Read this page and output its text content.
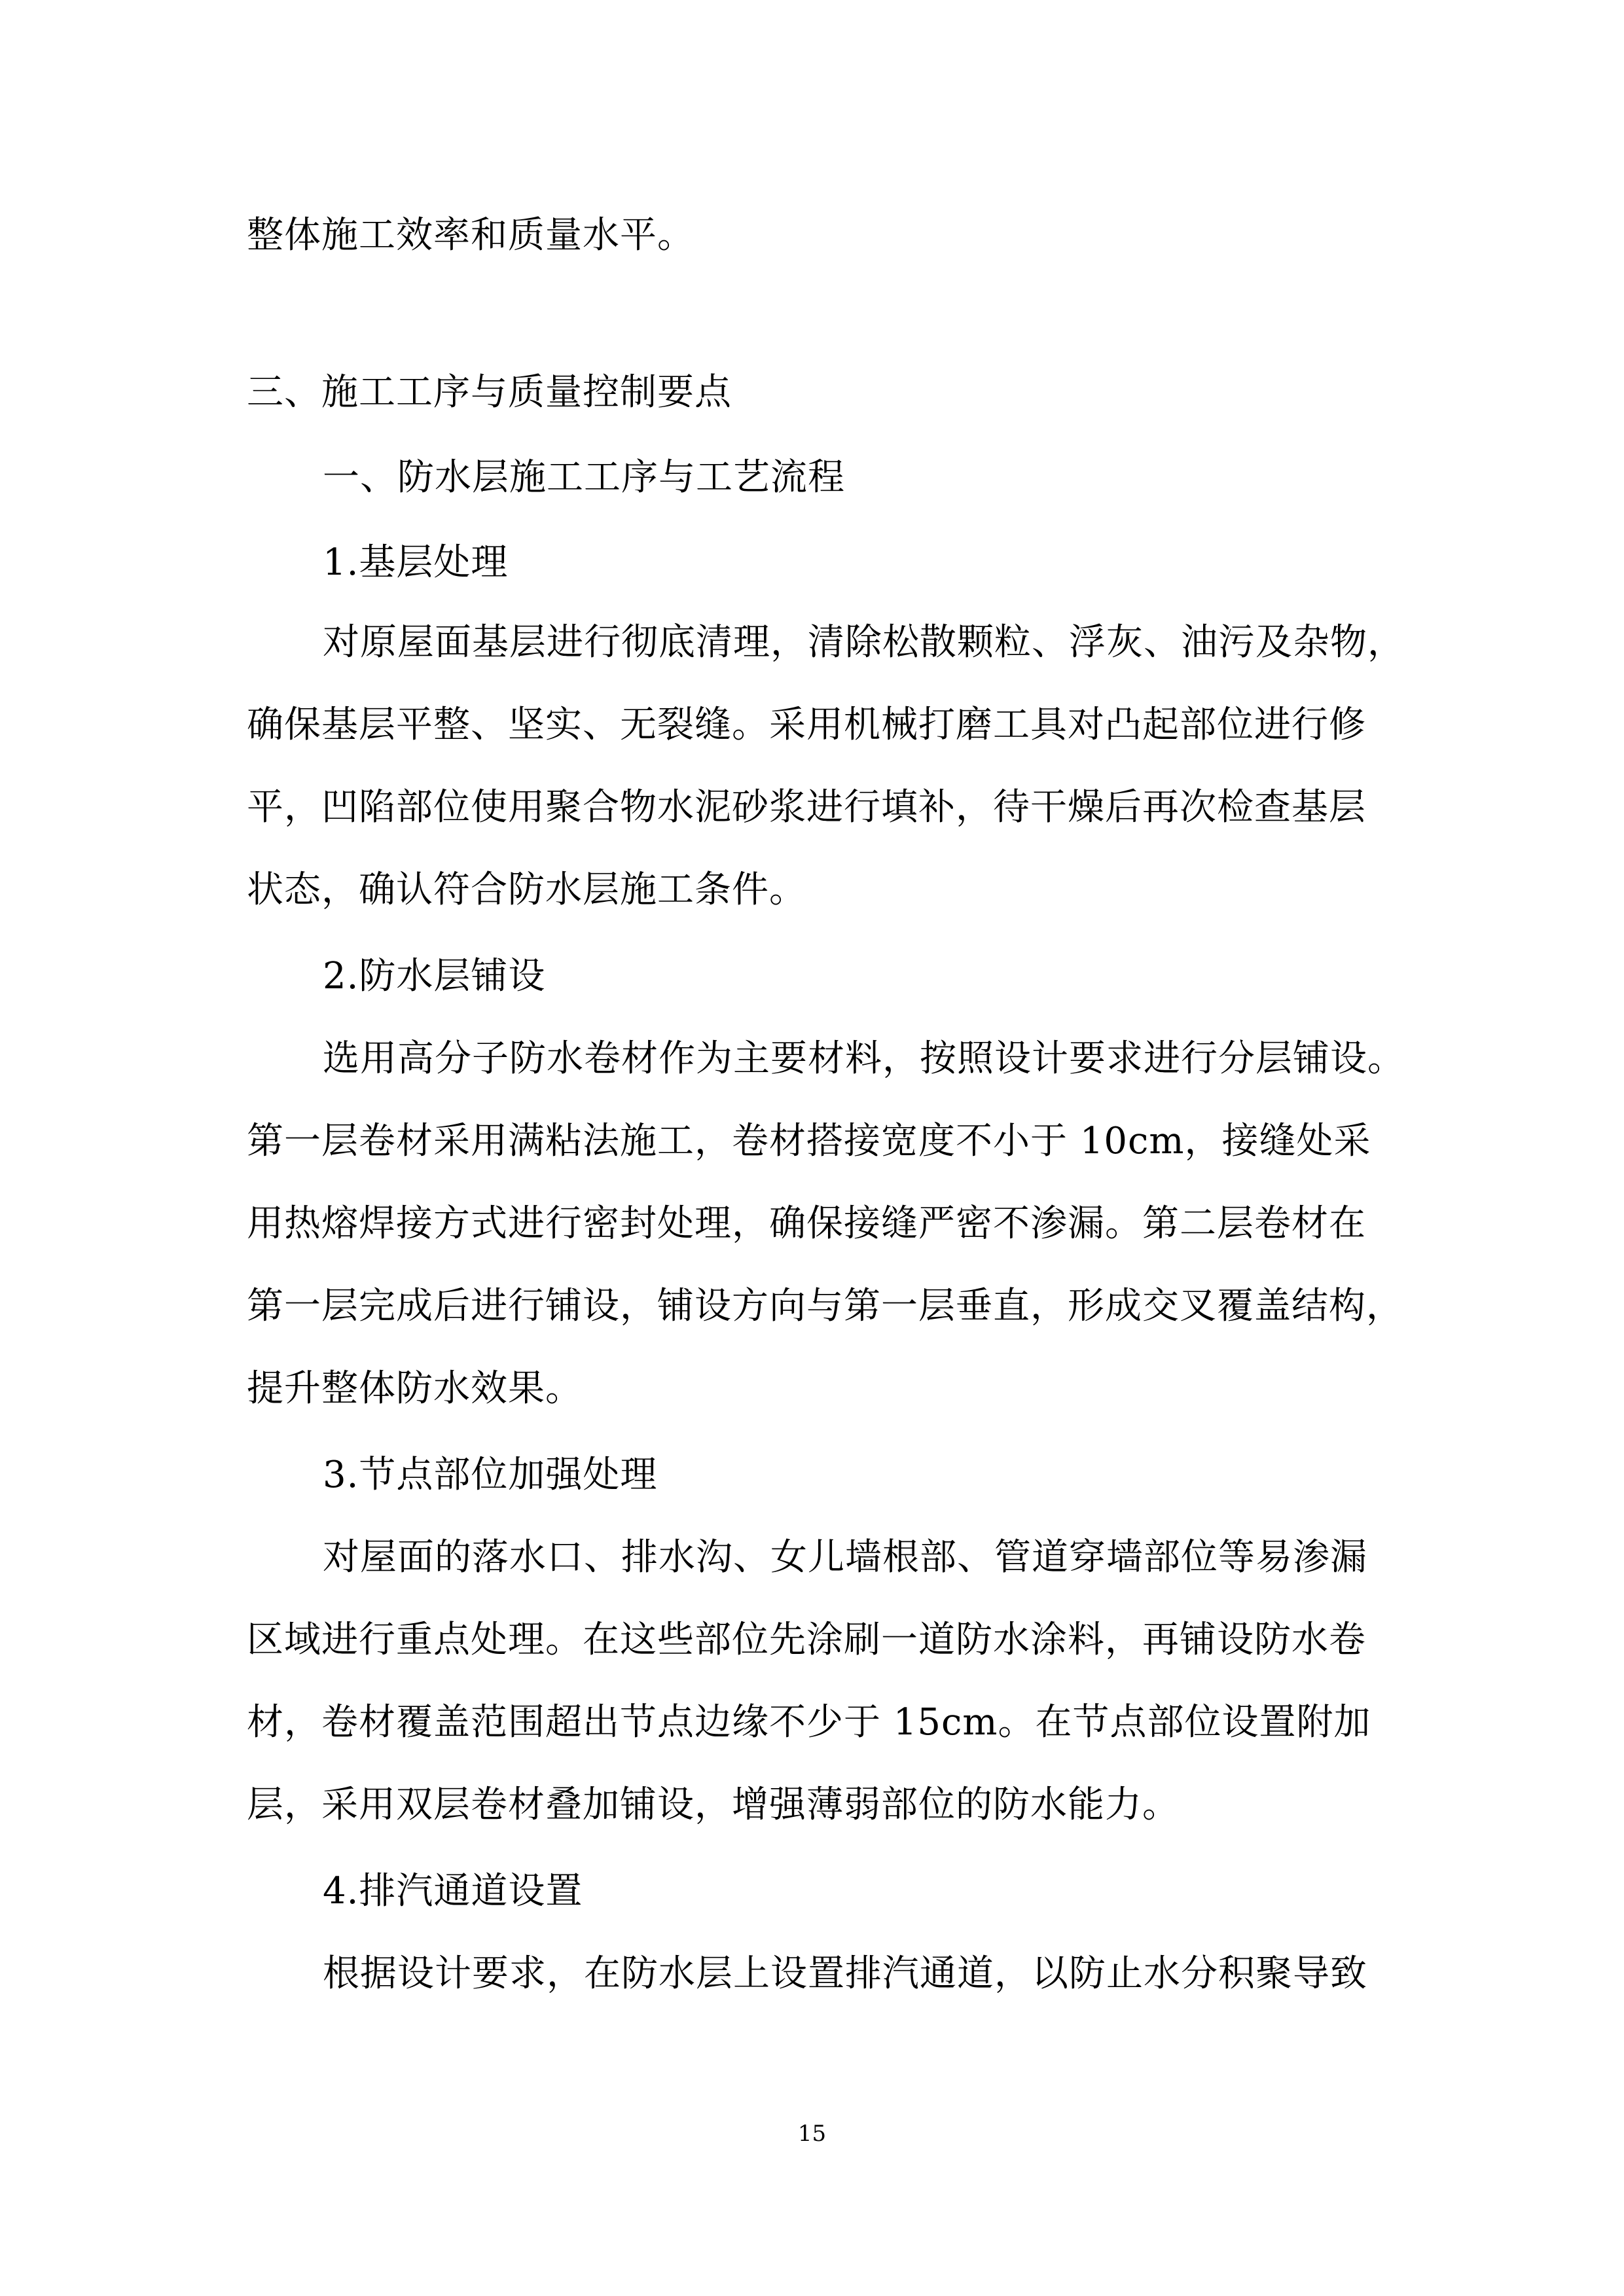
整体施工效率和质量水平。
三、施工工序与质量控制要点
一、防水层施工工序与工艺流程
1.基层处理
对原屋面基层进行彻底清理，清除松散颗粒、浮灰、油污及杂物，
确保基层平整、坚实、无裂缝。采用机械打磨工具对凸起部位进行修
平，凹陷部位使用聚合物水泥砂浆进行填补，待干燥后再次检查基层
状态，确认符合防水层施工条件。
2.防水层铺设
选用高分子防水卷材作为主要材料，按照设计要求进行分层铺设。
第一层卷材采用满粘法施工，卷材搭接宽度不小于 10cm，接缝处采
用热熔焊接方式进行密封处理，确保接缝严密不渗漏。第二层卷材在
第一层完成后进行铺设，铺设方向与第一层垂直，形成交叉覆盖结构，
提升整体防水效果。
3.节点部位加强处理
对屋面的落水口、排水沟、女儿墙根部、管道穿墙部位等易渗漏
区域进行重点处理。在这些部位先涂刷一道防水涂料，再铺设防水卷
材，卷材覆盖范围超出节点边缘不少于 15cm。在节点部位设置附加
层，采用双层卷材叠加铺设，增强薄弱部位的防水能力。
4.排汽通道设置
根据设计要求，在防水层上设置排汽通道，以防止水分积聚导致
15
